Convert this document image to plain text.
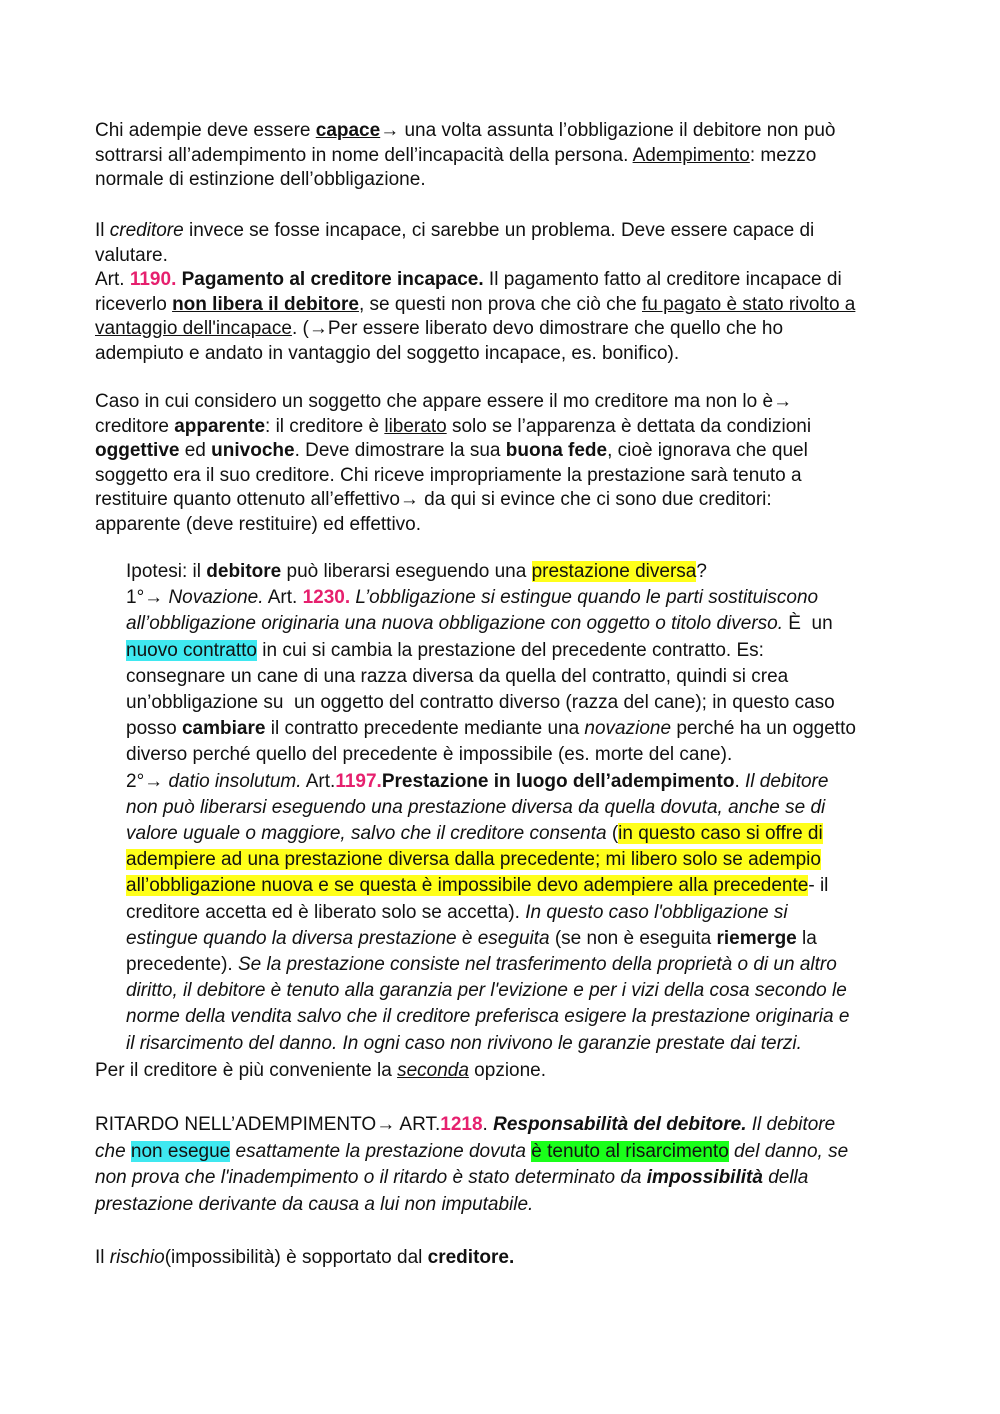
Chi adempie deve essere capace→ una volta assunta l’obbligazione il debitore non può
sottrarsi all’adempimento in nome dell’incapacità della persona. Adempimento: mezzo
normale di estinzione dell’obbligazione.

Il creditore invece se fosse incapace, ci sarebbe un problema. Deve essere capace di
valutare.
Art. 1190. Pagamento al creditore incapace. Il pagamento fatto al creditore incapace di
riceverlo non libera il debitore, se questi non prova che ciò che fu pagato è stato rivolto a
vantaggio dell'incapace. (→Per essere liberato devo dimostrare che quello che ho
adempiuto e andato in vantaggio del soggetto incapace, es. bonifico).

Caso in cui considero un soggetto che appare essere il mo creditore ma non lo è→
creditore apparente: il creditore è liberato solo se l’apparenza è dettata da condizioni
oggettive ed univoche. Deve dimostrare la sua buona fede, cioè ignorava che quel
soggetto era il suo creditore. Chi riceve impropriamente la prestazione sarà tenuto a
restituire quanto ottenuto all’effettivo→ da qui si evince che ci sono due creditori:
apparente (deve restituire) ed effettivo.

Ipotesi: il debitore può liberarsi eseguendo una prestazione diversa?
1°→ Novazione. Art. 1230. L’obbligazione si estingue quando le parti sostituiscono
all’obbligazione originaria una nuova obbligazione con oggetto o titolo diverso. È  un
nuovo contratto in cui si cambia la prestazione del precedente contratto. Es:
consegnare un cane di una razza diversa da quella del contratto, quindi si crea
un’obbligazione su  un oggetto del contratto diverso (razza del cane); in questo caso
posso cambiare il contratto precedente mediante una novazione perché ha un oggetto
diverso perché quello del precedente è impossibile (es. morte del cane).
2°→ datio insolutum. Art.1197.Prestazione in luogo dell’adempimento. Il debitore
non può liberarsi eseguendo una prestazione diversa da quella dovuta, anche se di
valore uguale o maggiore, salvo che il creditore consenta (in questo caso si offre di
adempiere ad una prestazione diversa dalla precedente; mi libero solo se adempio
all’obbligazione nuova e se questa è impossibile devo adempiere alla precedente- il
creditore accetta ed è liberato solo se accetta). In questo caso l'obbligazione si
estingue quando la diversa prestazione è eseguita (se non è eseguita riemerge la
precedente). Se la prestazione consiste nel trasferimento della proprietà o di un altro
diritto, il debitore è tenuto alla garanzia per l'evizione e per i vizi della cosa secondo le
norme della vendita salvo che il creditore preferisca esigere la prestazione originaria e
il risarcimento del danno. In ogni caso non rivivono le garanzie prestate dai terzi.

Per il creditore è più conveniente la seconda opzione.

RITARDO NELL’ADEMPIMENTO→ ART.1218. Responsabilità del debitore. Il debitore
che non esegue esattamente la prestazione dovuta è tenuto al risarcimento del danno, se
non prova che l'inadempimento o il ritardo è stato determinato da impossibilità della
prestazione derivante da causa a lui non imputabile.

Il rischio(impossibilità) è sopportato dal creditore.
